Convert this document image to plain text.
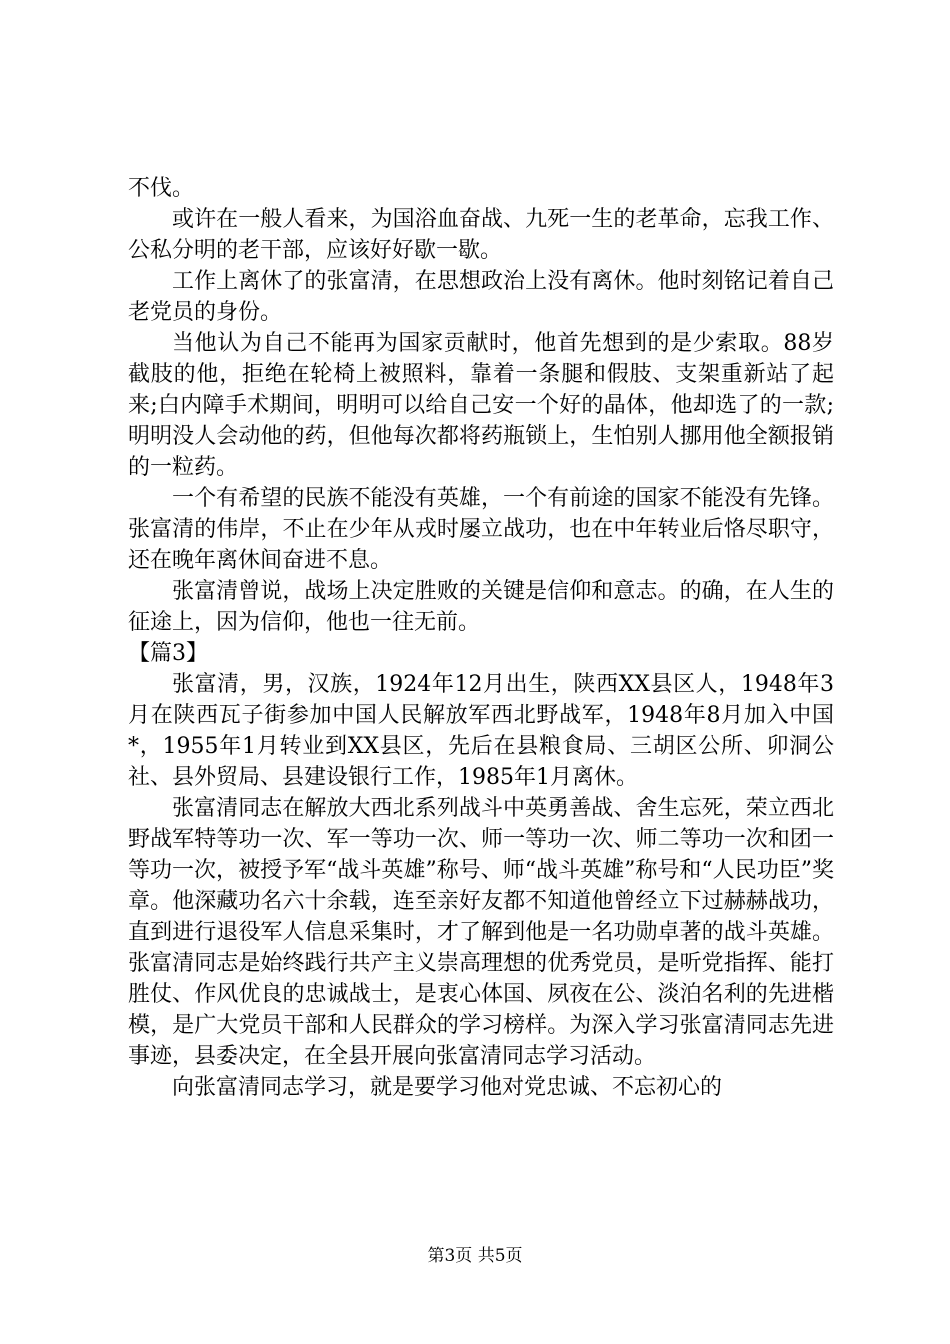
不伐。

或许在一般人看来，为国浴血奋战、九死一生的老革命，忘我工作、公私分明的老干部，应该好好歇一歇。

工作上离休了的张富清，在思想政治上没有离休。他时刻铭记着自己老党员的身份。

当他认为自己不能再为国家贡献时，他首先想到的是少索取。88岁截肢的他，拒绝在轮椅上被照料，靠着一条腿和假肢、支架重新站了起来;白内障手术期间，明明可以给自己安一个好的晶体，他却选了的一款;明明没人会动他的药，但他每次都将药瓶锁上，生怕别人挪用他全额报销的一粒药。

一个有希望的民族不能没有英雄，一个有前途的国家不能没有先锋。张富清的伟岸，不止在少年从戎时屡立战功，也在中年转业后恪尽职守，还在晚年离休间奋进不息。

张富清曾说，战场上决定胜败的关键是信仰和意志。的确，在人生的征途上，因为信仰，他也一往无前。

【篇3】

张富清，男，汉族，1924年12月出生，陕西XX县区人，1948年3月在陕西瓦子街参加中国人民解放军西北野战军，1948年8月加入中国*，1955年1月转业到XX县区，先后在县粮食局、三胡区公所、卯洞公社、县外贸局、县建设银行工作，1985年1月离休。

张富清同志在解放大西北系列战斗中英勇善战、舍生忘死，荣立西北野战军特等功一次、军一等功一次、师一等功一次、师二等功一次和团一等功一次，被授予军“战斗英雄”称号、师“战斗英雄”称号和“人民功臣”奖章。他深藏功名六十余载，连至亲好友都不知道他曾经立下过赫赫战功，直到进行退役军人信息采集时，才了解到他是一名功勋卓著的战斗英雄。张富清同志是始终践行共产主义崇高理想的优秀党员，是听党指挥、能打胜仗、作风优良的忠诚战士，是衷心体国、夙夜在公、淡泊名利的先进楷模，是广大党员干部和人民群众的学习榜样。为深入学习张富清同志先进事迹，县委决定，在全县开展向张富清同志学习活动。

向张富清同志学习，就是要学习他对党忠诚、不忘初心的

第3页 共5页
